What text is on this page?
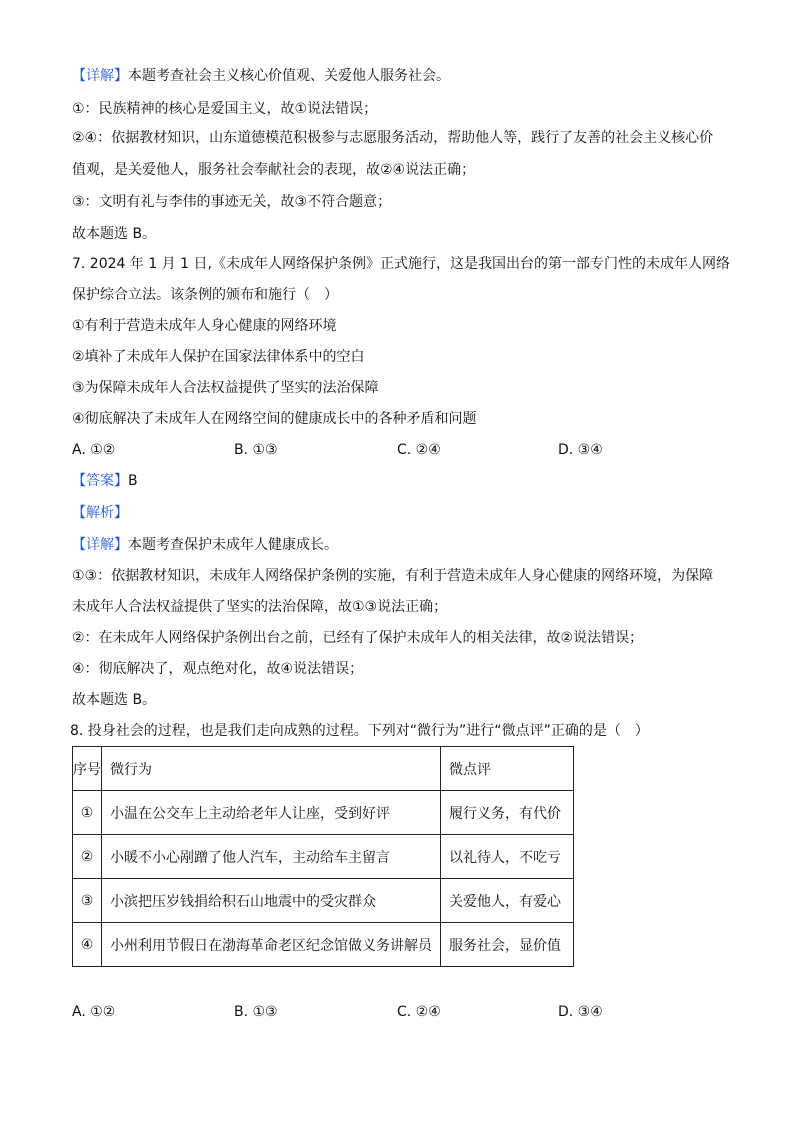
【详解】本题考查社会主义核心价值观、关爱他人服务社会。
①：民族精神的核心是爱国主义，故①说法错误；
②④：依据教材知识，山东道德模范积极参与志愿服务活动，帮助他人等，践行了友善的社会主义核心价
值观，是关爱他人，服务社会奉献社会的表现，故②④说法正确；
③：文明有礼与李伟的事迹无关，故③不符合题意；
故本题选 B。
7. 2024 年 1 月 1 日,《未成年人网络保护条例》正式施行，这是我国出台的第一部专门性的未成年人网络
保护综合立法。该条例的颁布和施行（　）
①有利于营造未成年人身心健康的网络环境
②填补了未成年人保护在国家法律体系中的空白
③为保障未成年人合法权益提供了坚实的法治保障
④彻底解决了未成年人在网络空间的健康成长中的各种矛盾和问题
A. ①②	B. ①③	C. ②④	D. ③④
【答案】B
【解析】
【详解】本题考查保护未成年人健康成长。
①③：依据教材知识，未成年人网络保护条例的实施，有利于营造未成年人身心健康的网络环境，为保障
未成年人合法权益提供了坚实的法治保障，故①③说法正确；
②：在未成年人网络保护条例出台之前，已经有了保护未成年人的相关法律，故②说法错误；
④：彻底解决了，观点绝对化，故④说法错误；
故本题选 B。
8. 投身社会的过程，也是我们走向成熟的过程。下列对“微行为”进行“微点评”正确的是（　）
序号	微行为	微点评
①	小温在公交车上主动给老年人让座，受到好评	履行义务，有代价
②	小暖不小心剐蹭了他人汽车，主动给车主留言	以礼待人，不吃亏
③	小滨把压岁钱捐给积石山地震中的受灾群众	关爱他人，有爱心
④	小州利用节假日在渤海革命老区纪念馆做义务讲解员	服务社会，显价值
A. ①②	B. ①③	C. ②④	D. ③④
